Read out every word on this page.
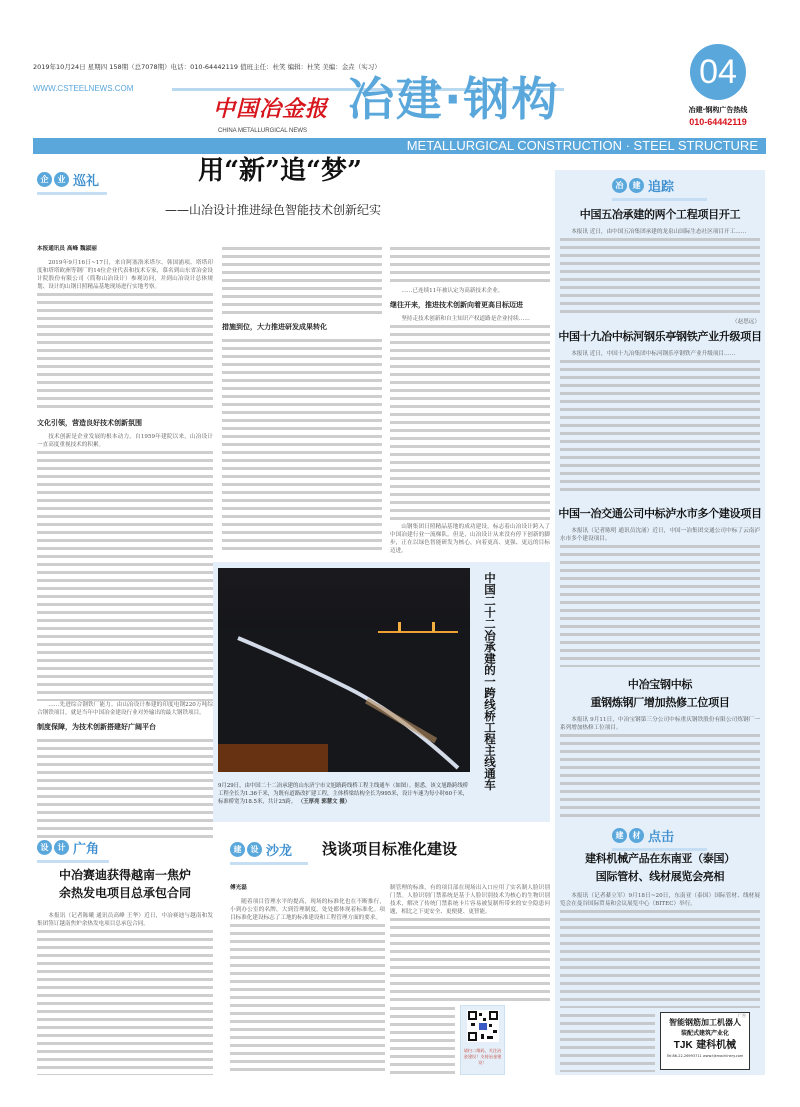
2019年10月24日 星期四 158期（总7078期）电话：010-64442119 值班主任：杜笑 编辑：杜笑 美编：金垚（实习）
WWW.CSTEELNEWS.COM
中国冶金报
CHINA METALLURGICAL NEWS
冶建·钢构	04
冶建·钢构广告热线
010-64442119
METALLURGICAL CONSTRUCTION · STEEL STRUCTURE
企	业 巡礼	用“新”追“梦”
——山冶设计推进绿色智能技术创新纪实

本报通讯员 高峰 魏淑丽

2019年9月16日~17日，来自阿塞洛米塔尔、韩国浦项、塔塔印度和塔塔欧洲等钢厂的14位企业代表和技术专家，慕名到山东省冶金设计院股份有限公司（简称山冶设计）参观访问，并到山冶设计总体规划、设计的山钢日照精品基地现场进行实地考察。

文化引领，营造良好技术创新氛围

技术创新是企业发展的根本动力。自1959年建院以来，山冶设计一直高度重视技术的积累。

……先进综合钢铁厂能力。由山冶设计参建的印度电钢220万吨综合钢铁项目，就是当年中国冶金建设行业对外输出的最大钢铁项目。

制度保障，为技术创新搭建好广阔平台

措施到位，大力推进研发成果转化

……已连续11年被认定为高新技术企业。

继往开来，推进技术创新向着更高目标迈进

坚持走技术创新和自主知识产权道路是企业持续……

山钢集团日照精品基地的成功建设，标志着山冶设计跨入了中国冶建行业一流梯队。但是，山冶设计从来没有停下创新的脚步，正在以绿色智能研发为核心，向着更高、更强、更远的目标迈进。

中国二十二冶承建的一跨线桥工程主线通车
9月29日，由中国二十二冶承建的山东济宁市文旭路跨线桥工程主线通车（如图）。据悉，该文旭路跨线桥工程全长为1.36千米，为既有道路改扩建工程，主体桥梁结构全长为995米，设计车速为每小时60千米，标准桥宽为18.5米，共计25跨。 （王厚亮 郭慧文 摄）
冶	建 追踪
中国五冶承建的两个工程项目开工

本报讯 近日，由中国五冶集团承建的龙泉山国际生态社区项目开工……

（赵思远）

中国十九冶中标河钢乐亭钢铁产业升级项目

本报讯 近日，中国十九冶集团中标河钢乐亭钢铁产业升级项目……

中国一冶交通公司中标泸水市多个建设项目

本报讯（记者陈明 通讯员沈涌）近日，中国一冶集团交通公司中标了云南泸水市多个建设项目。

中冶宝钢中标
重钢炼钢厂增加热修工位项目

本报讯 9月11日，中冶宝钢第三分公司中标重庆钢铁股份有限公司炼钢厂一系列增加热修工位项目。

建	材 点击
建科机械产品在东南亚（泰国）
国际管材、线材展览会亮相

本报讯（记者綦立军）9月18日~20日，东南亚（泰国）国际管材、线材展览会在曼谷国际贸易和会议展览中心（BITEC）举行。

广告
智能钢筋加工机器人
装配式建筑产业化
TJK 建科机械
Tel:86-22-26993711 www.tjkmachinery.com
设	计 广角
中冶赛迪获得越南一焦炉
余热发电项目总承包合同

本报讯（记者陈曦 通讯员高峰 王华）近日，中冶赛迪与越南和发集团签订越南焦炉余热发电项目总承包合同。

建	设 沙龙 浅谈项目标准化建设

傅光磊

随着项目管理水平的提高，现场的标准化也在不断推行，小到办公室的名牌，大到管理制度，处处都体现着标准化。项目标准化建设标志了工地的标准建设和工程管理方面的要求。

制管理的标准，有的项目部在现场出入口应用了实名制人脸识别门禁。人脸识别门禁系统是基于人脸识别技术为核心的生物识别技术，解决了传统门禁系统卡片容易被复制所带来的安全隐患问题，相比之下更安全、更便捷、更智能。

请扫二维码，关注冶金建设！支持冶金建设！
